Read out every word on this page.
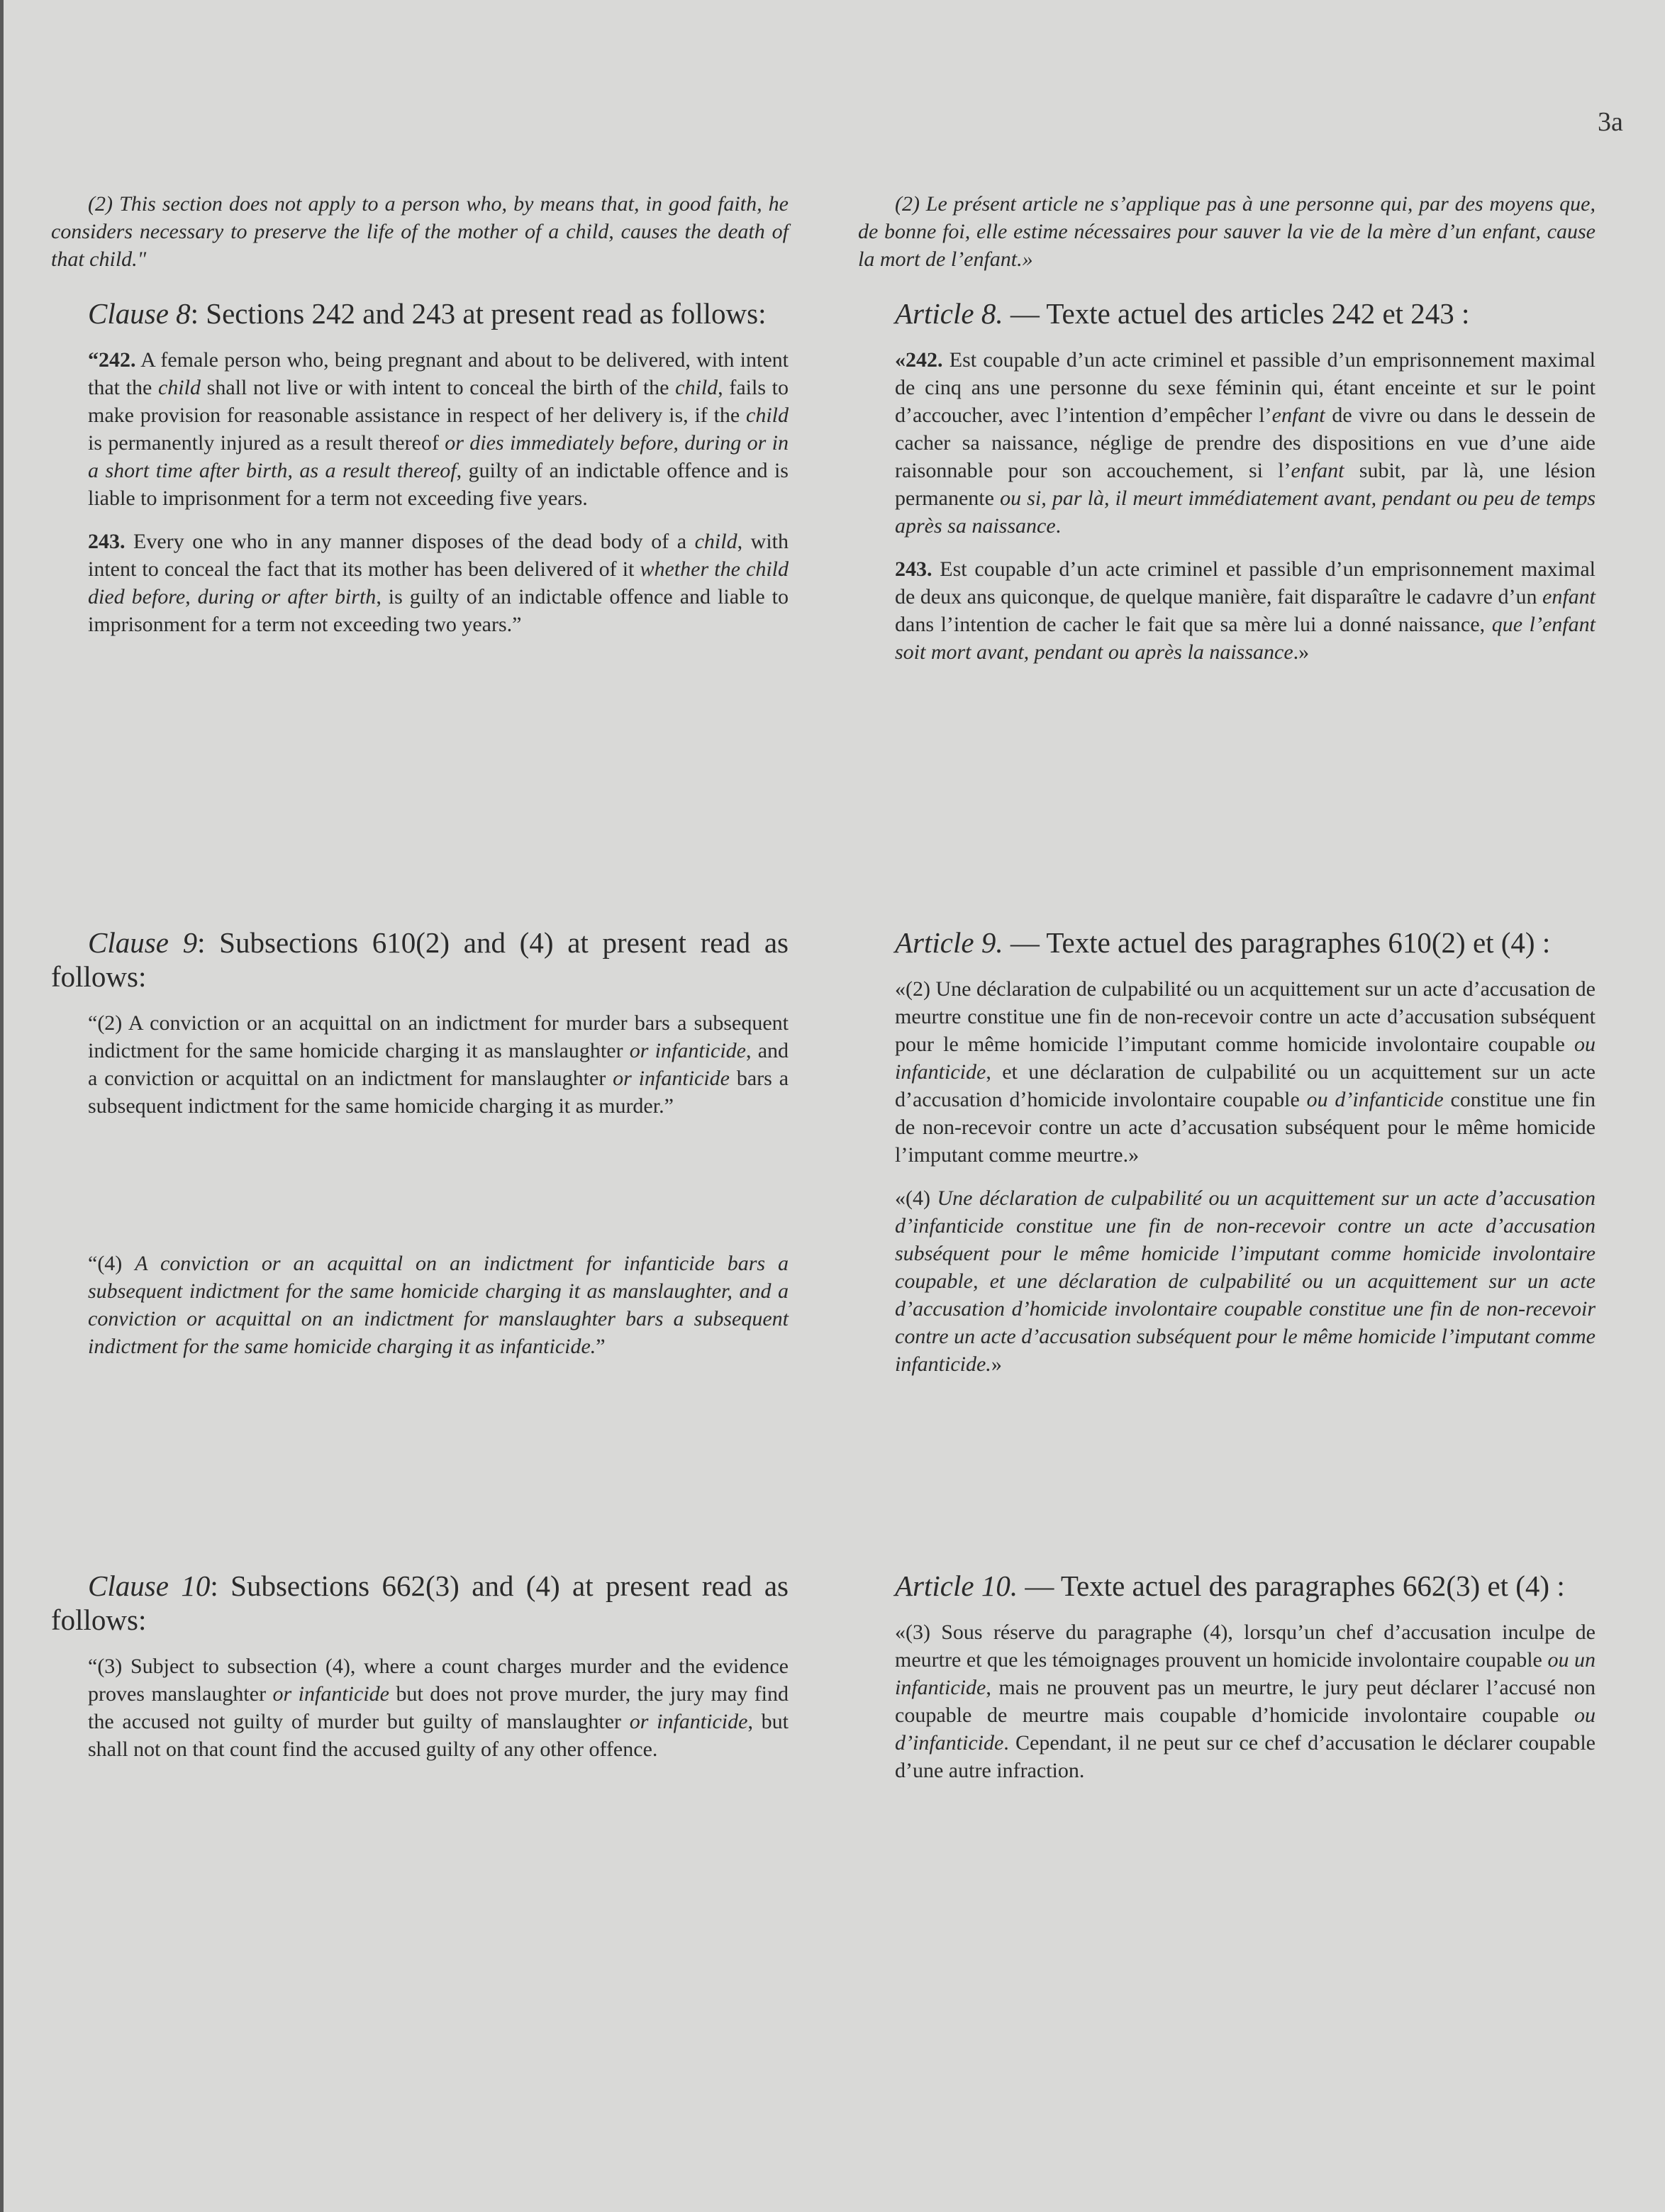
3a

(2) This section does not apply to a person who, by means that, in good faith, he considers necessary to preserve the life of the mother of a child, causes the death of that child."

Clause 8: Sections 242 and 243 at present read as follows:

“242. A female person who, being pregnant and about to be delivered, with intent that the child shall not live or with intent to conceal the birth of the child, fails to make provision for reasonable assistance in respect of her delivery is, if the child is permanently injured as a result thereof or dies immediately before, during or in a short time after birth, as a result thereof, guilty of an indictable offence and is liable to imprisonment for a term not exceeding five years.

243. Every one who in any manner disposes of the dead body of a child, with intent to conceal the fact that its mother has been delivered of it whether the child died before, during or after birth, is guilty of an indictable offence and liable to imprisonment for a term not exceeding two years.”

Clause 9: Subsections 610(2) and (4) at present read as follows:

“(2) A conviction or an acquittal on an indictment for murder bars a subsequent indictment for the same homicide charging it as manslaughter or infanticide, and a conviction or acquittal on an indictment for manslaughter or infanticide bars a subsequent indictment for the same homicide charging it as murder.”

“(4) A conviction or an acquittal on an indictment for infanticide bars a subsequent indictment for the same homicide charging it as manslaughter, and a conviction or acquittal on an indictment for manslaughter bars a subsequent indictment for the same homicide charging it as infanticide.”

Clause 10: Subsections 662(3) and (4) at present read as follows:

“(3) Subject to subsection (4), where a count charges murder and the evidence proves manslaughter or infanticide but does not prove murder, the jury may find the accused not guilty of murder but guilty of manslaughter or infanticide, but shall not on that count find the accused guilty of any other offence.

(2) Le présent article ne s’applique pas à une personne qui, par des moyens que, de bonne foi, elle estime nécessaires pour sauver la vie de la mère d’un enfant, cause la mort de l’enfant.»

Article 8. — Texte actuel des articles 242 et 243 :

«242. Est coupable d’un acte criminel et passible d’un emprisonnement maximal de cinq ans une personne du sexe féminin qui, étant enceinte et sur le point d’accoucher, avec l’intention d’empêcher l’enfant de vivre ou dans le dessein de cacher sa naissance, néglige de prendre des dispositions en vue d’une aide raisonnable pour son accouchement, si l’enfant subit, par là, une lésion permanente ou si, par là, il meurt immédiatement avant, pendant ou peu de temps après sa naissance.

243. Est coupable d’un acte criminel et passible d’un emprisonnement maximal de deux ans quiconque, de quelque manière, fait disparaître le cadavre d’un enfant dans l’intention de cacher le fait que sa mère lui a donné naissance, que l’enfant soit mort avant, pendant ou après la naissance.»

Article 9. — Texte actuel des paragraphes 610(2) et (4) :

«(2) Une déclaration de culpabilité ou un acquittement sur un acte d’accusation de meurtre constitue une fin de non-recevoir contre un acte d’accusation subséquent pour le même homicide l’imputant comme homicide involontaire coupable ou infanticide, et une déclaration de culpabilité ou un acquittement sur un acte d’accusation d’homicide involontaire coupable ou d’infanticide constitue une fin de non-recevoir contre un acte d’accusation subséquent pour le même homicide l’imputant comme meurtre.»

«(4) Une déclaration de culpabilité ou un acquittement sur un acte d’accusation d’infanticide constitue une fin de non-recevoir contre un acte d’accusation subséquent pour le même homicide l’imputant comme homicide involontaire coupable, et une déclaration de culpabilité ou un acquittement sur un acte d’accusation d’homicide involontaire coupable constitue une fin de non-recevoir contre un acte d’accusation subséquent pour le même homicide l’imputant comme infanticide.»

Article 10. — Texte actuel des paragraphes 662(3) et (4) :

«(3) Sous réserve du paragraphe (4), lorsqu’un chef d’accusation inculpe de meurtre et que les témoignages prouvent un homicide involontaire coupable ou un infanticide, mais ne prouvent pas un meurtre, le jury peut déclarer l’accusé non coupable de meurtre mais coupable d’homicide involontaire coupable ou d’infanticide. Cependant, il ne peut sur ce chef d’accusation le déclarer coupable d’une autre infraction.
